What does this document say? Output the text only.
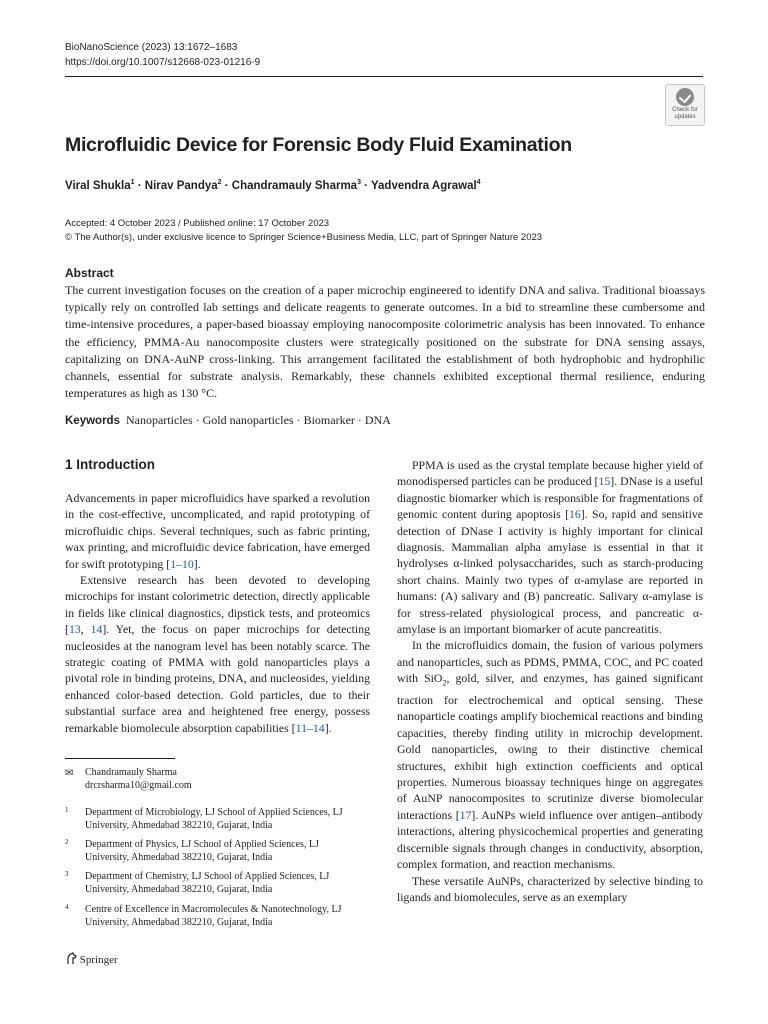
BioNanoScience (2023) 13:1672–1683
https://doi.org/10.1007/s12668-023-01216-9
Check for
updates
Microfluidic Device for Forensic Body Fluid Examination
Viral Shukla$^1$ · Nirav Pandya$^2$ · Chandramauly Sharma$^3$ · Yadvendra Agrawal$^4$
Accepted: 4 October 2023 / Published online: 17 October 2023
© The Author(s), under exclusive licence to Springer Science+Business Media, LLC, part of Springer Nature 2023
Abstract
The current investigation focuses on the creation of a paper microchip engineered to identify DNA and saliva. Traditional bioassays typically rely on controlled lab settings and delicate reagents to generate outcomes. In a bid to streamline these cumbersome and time-intensive procedures, a paper-based bioassay employing nanocomposite colorimetric analysis has been innovated. To enhance the efficiency, PMMA-Au nanocomposite clusters were strategically positioned on the substrate for DNA sensing assays, capitalizing on DNA-AuNP cross-linking. This arrangement facilitated the establishment of both hydrophobic and hydrophilic channels, essential for substrate analysis. Remarkably, these channels exhibited exceptional thermal resilience, enduring temperatures as high as 130 °C.
Keywords Nanoparticles · Gold nanoparticles · Biomarker · DNA
1 Introduction

Advancements in paper microfluidics have sparked a revolution in the cost-effective, uncomplicated, and rapid prototyping of microfluidic chips. Several techniques, such as fabric printing, wax printing, and microfluidic device fabrication, have emerged for swift prototyping [1–10].

Extensive research has been devoted to developing microchips for instant colorimetric detection, directly applicable in fields like clinical diagnostics, dipstick tests, and proteomics [13, 14]. Yet, the focus on paper microchips for detecting nucleosides at the nanogram level has been notably scarce. The strategic coating of PMMA with gold nanoparticles plays a pivotal role in binding proteins, DNA, and nucleosides, yielding enhanced color-based detection. Gold particles, due to their substantial surface area and heightened free energy, possess remarkable biomolecule absorption capabilities [11–14].

PPMA is used as the crystal template because higher yield of monodispersed particles can be produced [15]. DNase is a useful diagnostic biomarker which is responsible for fragmentations of genomic content during apoptosis [16]. So, rapid and sensitive detection of DNase I activity is highly important for clinical diagnosis. Mammalian alpha amylase is essential in that it hydrolyses α-linked polysaccharides, such as starch-producing short chains. Mainly two types of α-amylase are reported in humans: (A) salivary and (B) pancreatic. Salivary α-amylase is for stress-related physiological process, and pancreatic α-amylase is an important biomarker of acute pancreatitis.

In the microfluidics domain, the fusion of various polymers and nanoparticles, such as PDMS, PMMA, COC, and PC coated with SiO$_2$, gold, silver, and enzymes, has gained significant traction for electrochemical and optical sensing. These nanoparticle coatings amplify biochemical reactions and binding capacities, thereby finding utility in microchip development. Gold nanoparticles, owing to their distinctive chemical structures, exhibit high extinction coefficients and optical properties. Numerous bioassay techniques hinge on aggregates of AuNP nanocomposites to scrutinize diverse biomolecular interactions [17]. AuNPs wield influence over antigen–antibody interactions, altering physicochemical properties and generating discernible signals through changes in conductivity, absorption, complex formation, and reaction mechanisms.

These versatile AuNPs, characterized by selective binding to ligands and biomolecules, serve as an exemplary

✉ Chandramauly Sharma
drcrsharma10@gmail.com
1 Department of Microbiology, LJ School of Applied Sciences, LJ University, Ahmedabad 382210, Gujarat, India
2 Department of Physics, LJ School of Applied Sciences, LJ University, Ahmedabad 382210, Gujarat, India
3 Department of Chemistry, LJ School of Applied Sciences, LJ University, Ahmedabad 382210, Gujarat, India
4 Centre of Excellence in Macromolecules & Nanotechnology, LJ University, Ahmedabad 382210, Gujarat, India
Springer
